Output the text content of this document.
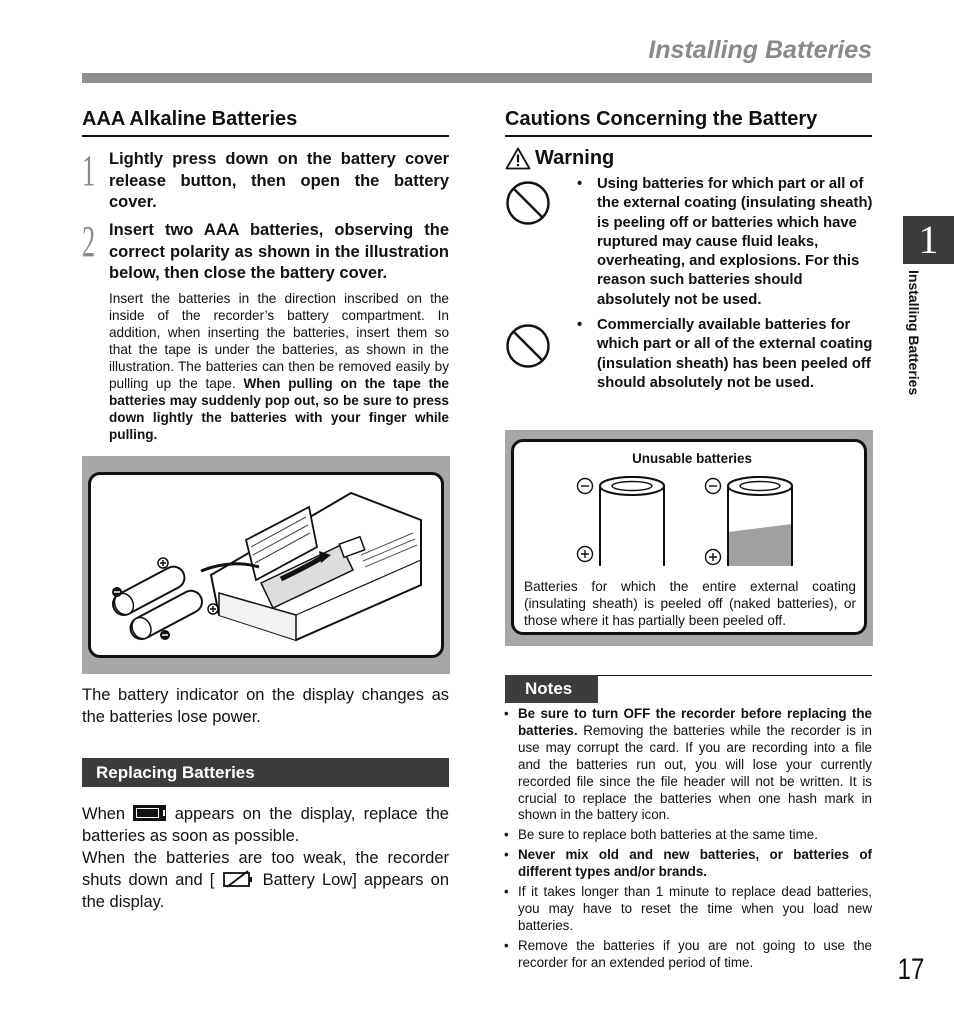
Installing Batteries
AAA Alkaline Batteries
1 Lightly press down on the battery cover release button, then open the battery cover.

2 Insert two AAA batteries, observing the correct polarity as shown in the illustration below, then close the battery cover.

Insert the batteries in the direction inscribed on the inside of the recorder’s battery compartment. In addition, when inserting the batteries, insert them so that the tape is under the batteries, as shown in the illustration. The batteries can then be removed easily by pulling up the tape. When pulling on the tape the batteries may suddenly pop out, so be sure to press down lightly the batteries with your finger while pulling.

The battery indicator on the display changes as the batteries lose power.

Replacing Batteries

When	appears on the display, replace the batteries as soon as possible.

When the batteries are too weak, the recorder shuts down and [	Battery Low] appears on the display.

Cautions Concerning the Battery
Warning
• Using batteries for which part or all of the external coating (insulating sheath) is peeling off or batteries which have ruptured may cause fluid leaks, overheating, and explosions. For this reason such batteries should absolutely not be used.
• Commercially available batteries for which part or all of the external coating (insulation sheath) has been peeled off should absolutely not be used.
Unusable batteries
Batteries for which the entire external coating (insulating sheath) is peeled off (naked batteries), or those where it has partially been peeled off.
Notes
• Be sure to turn OFF the recorder before replacing the batteries. Removing the batteries while the recorder is in use may corrupt the card. If you are recording into a file and the batteries run out, you will lose your currently recorded file since the file header will not be written. It is crucial to replace the batteries when one hash mark in shown in the battery icon.
• Be sure to replace both batteries at the same time.
• Never mix old and new batteries, or batteries of different types and/or brands.
• If it takes longer than 1 minute to replace dead batteries, you may have to reset the time when you load new batteries.
• Remove the batteries if you are not going to use the recorder for an extended period of time.
1
Installing Batteries
17
